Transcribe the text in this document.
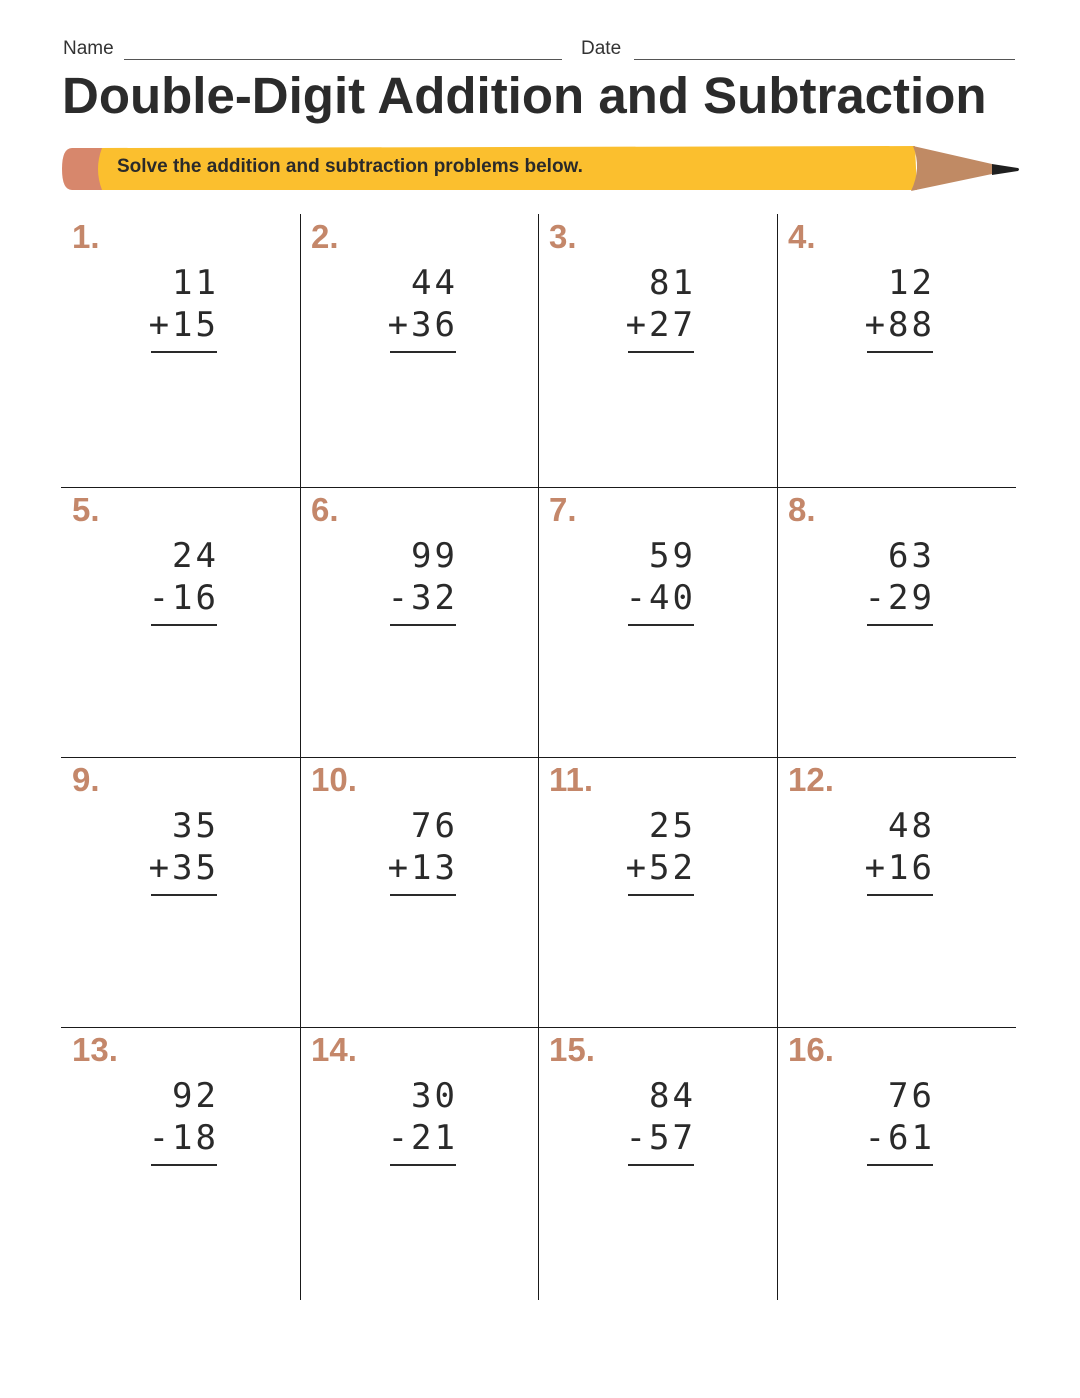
Name	Date
Double-Digit Addition and Subtraction
Solve the addition and subtraction problems below.
1.
11
+15
2.
44
+36
3.
81
+27
4.
12
+88
5.
24
-16
6.
99
-32
7.
59
-40
8.
63
-29
9.
35
+35
10.
76
+13
11.
25
+52
12.
48
+16
13.
92
-18
14.
30
-21
15.
84
-57
16.
76
-61
